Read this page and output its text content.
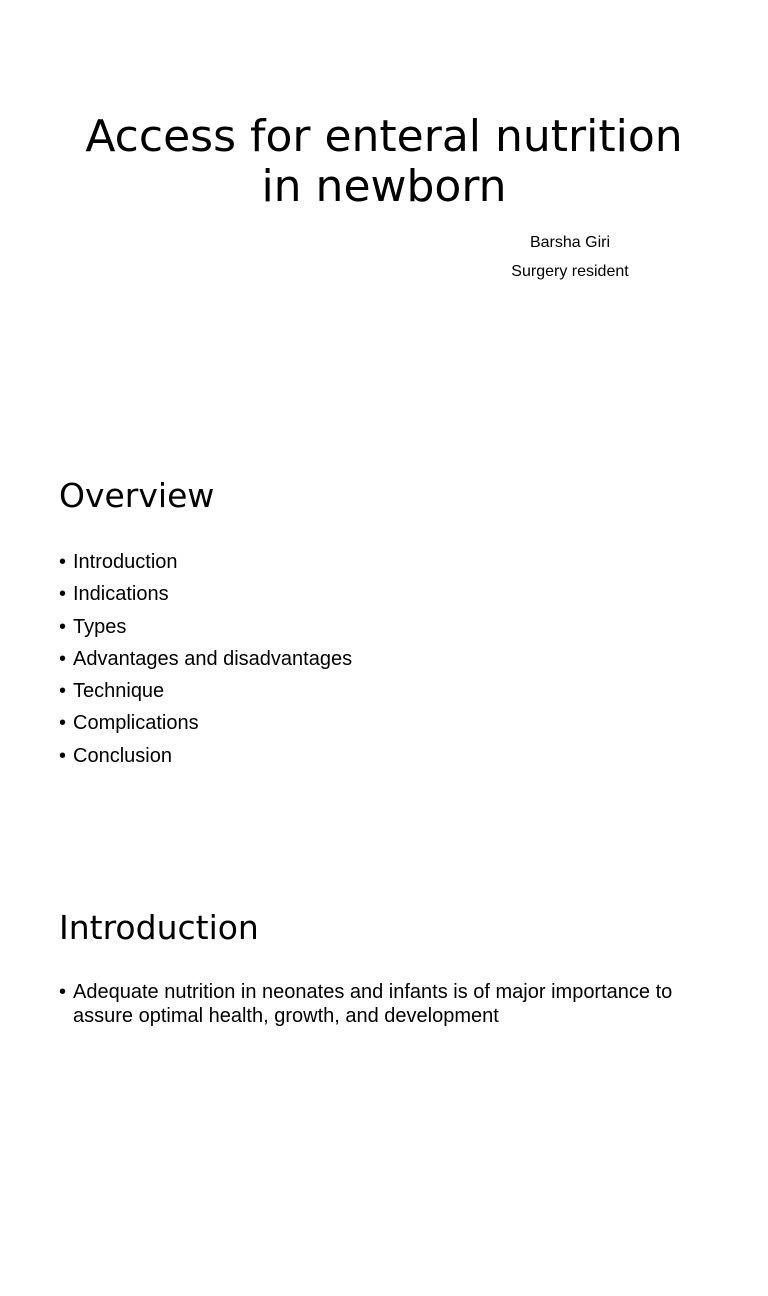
Access for enteral nutrition in newborn
Barsha Giri
Surgery resident
Overview
• Introduction
• Indications
• Types
• Advantages and disadvantages
• Technique
• Complications
• Conclusion
Introduction
• Adequate nutrition in neonates and infants is of major importance to assure optimal health, growth, and development
